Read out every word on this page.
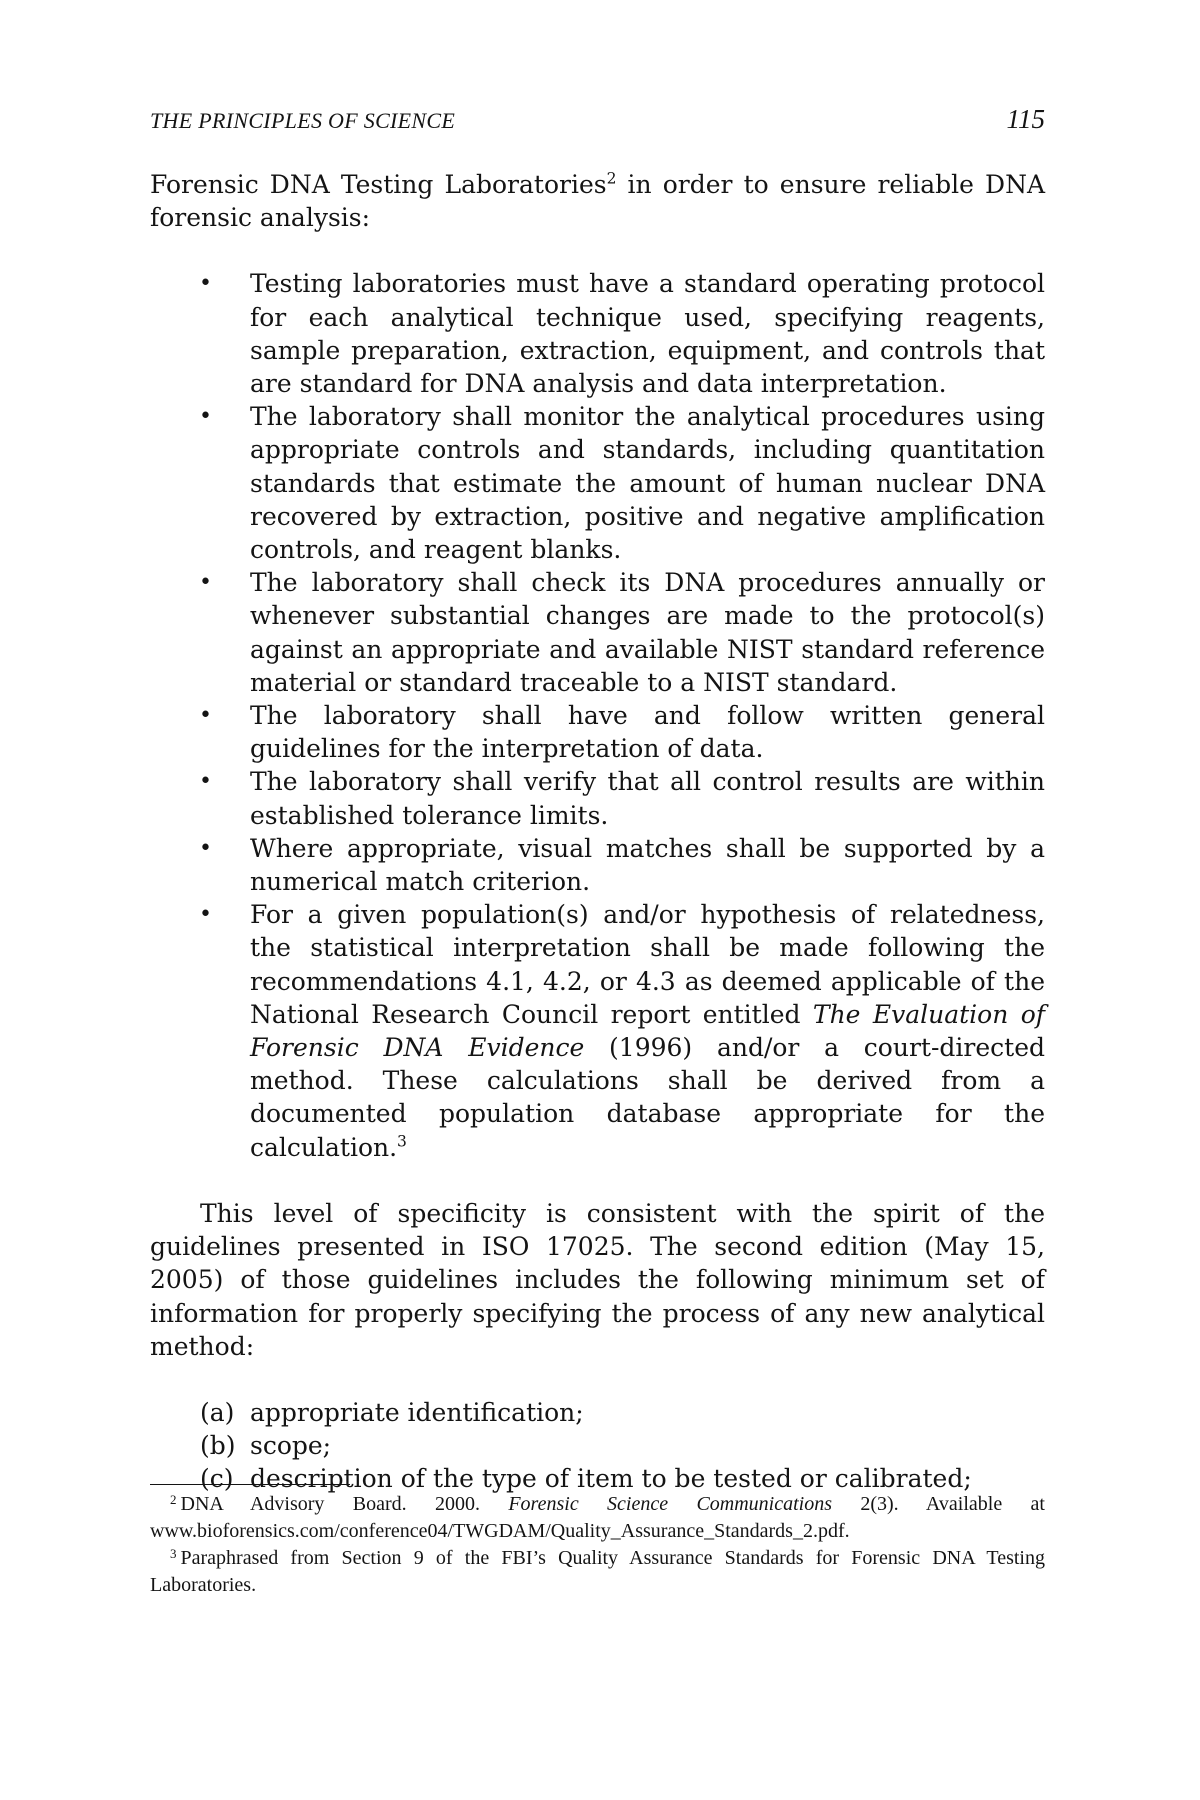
THE PRINCIPLES OF SCIENCE	115

Forensic DNA Testing Laboratories$^2$ in order to ensure reliable DNA forensic analysis:

• Testing laboratories must have a standard operating protocol for each analytical technique used, specifying reagents, sample preparation, extraction, equipment, and controls that are standard for DNA analysis and data interpretation.
• The laboratory shall monitor the analytical procedures using appropriate controls and standards, including quantitation standards that estimate the amount of human nuclear DNA recovered by extraction, positive and negative amplification controls, and reagent blanks.
• The laboratory shall check its DNA procedures annually or whenever substantial changes are made to the protocol(s) against an appropriate and available NIST standard reference material or standard traceable to a NIST standard.
• The laboratory shall have and follow written general guidelines for the interpretation of data.
• The laboratory shall verify that all control results are within established tolerance limits.
• Where appropriate, visual matches shall be supported by a numerical match criterion.
• For a given population(s) and/or hypothesis of relatedness, the statistical interpretation shall be made following the recommendations 4.1, 4.2, or 4.3 as deemed applicable of the National Research Council report entitled The Evaluation of Forensic DNA Evidence (1996) and/or a court-directed method. These calculations shall be derived from a documented population database appropriate for the calculation.$^3$

This level of specificity is consistent with the spirit of the guidelines presented in ISO 17025. The second edition (May 15, 2005) of those guidelines includes the following minimum set of information for properly specifying the process of any new analytical method:

(a) appropriate identification;
(b) scope;
(c) description of the type of item to be tested or calibrated;

$^2$ DNA Advisory Board. 2000. Forensic Science Communications 2(3). Available at www.bioforensics.com/conference04/TWGDAM/Quality_Assurance_Standards_2.pdf.

$^3$ Paraphrased from Section 9 of the FBI’s Quality Assurance Standards for Forensic DNA Testing Laboratories.
